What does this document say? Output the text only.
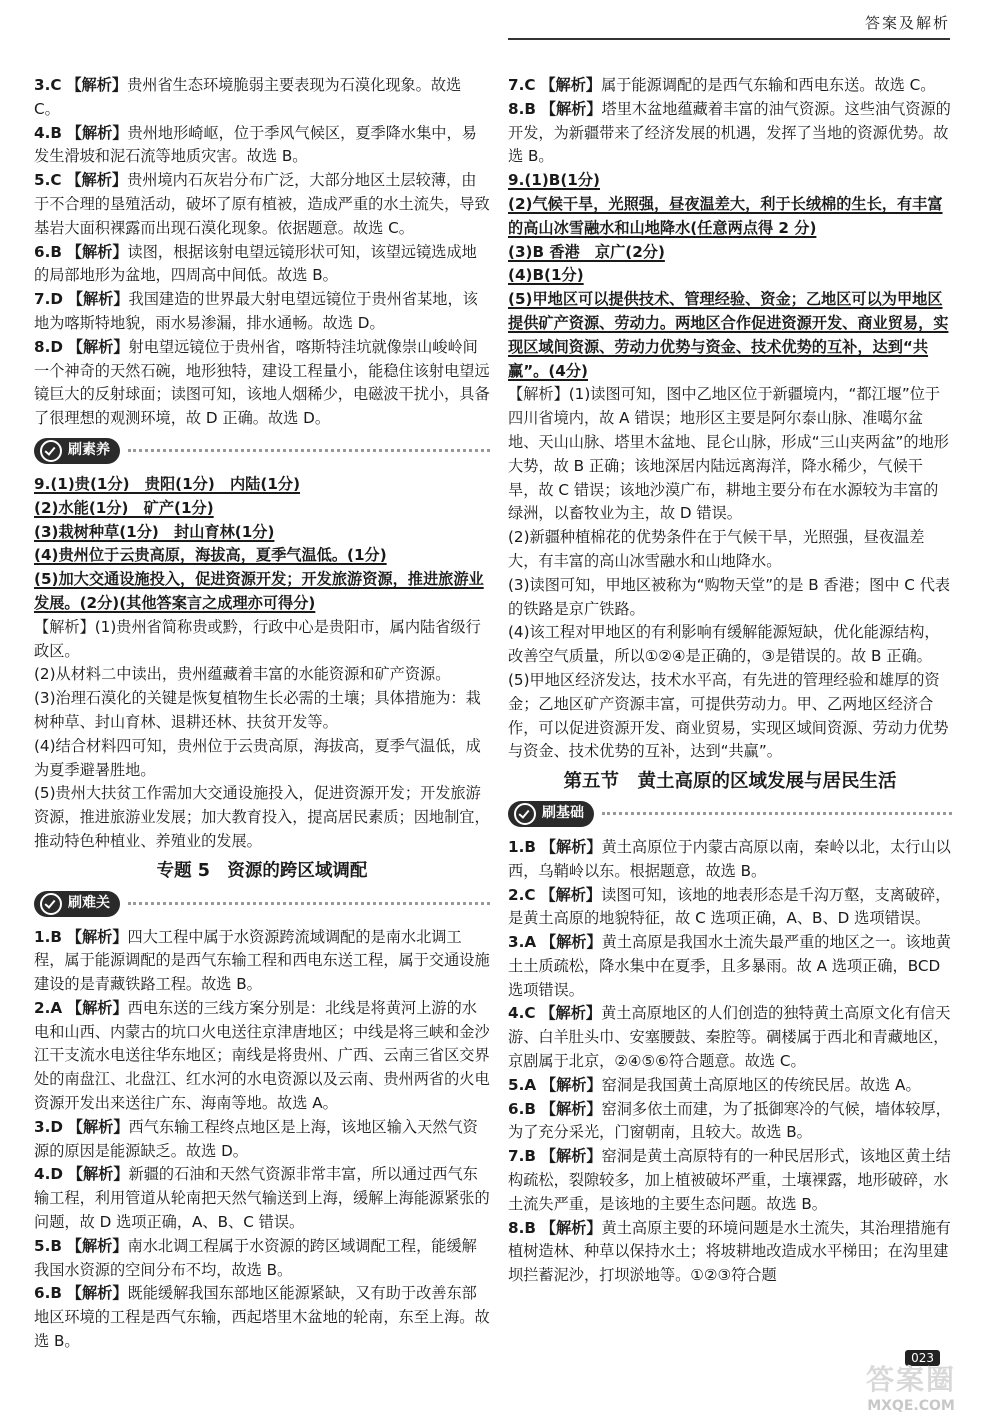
答案及解析

3.C 【解析】贵州省生态环境脆弱主要表现为石漠化现象。故选 C。

4.B 【解析】贵州地形崎岖，位于季风气候区，夏季降水集中，易发生滑坡和泥石流等地质灾害。故选 B。

5.C 【解析】贵州境内石灰岩分布广泛，大部分地区土层较薄，由于不合理的垦殖活动，破坏了原有植被，造成严重的水土流失，导致基岩大面积裸露而出现石漠化现象。依据题意。故选 C。

6.B 【解析】读图，根据该射电望远镜形状可知，该望远镜选成地的局部地形为盆地，四周高中间低。故选 B。

7.D 【解析】我国建造的世界最大射电望远镜位于贵州省某地，该地为喀斯特地貌，雨水易渗漏，排水通畅。故选 D。

8.D 【解析】射电望远镜位于贵州省，喀斯特洼坑就像崇山峻岭间一个神奇的天然石碗，地形独特，建设工程量小，能稳住该射电望远镜巨大的反射球面；读图可知，该地人烟稀少，电磁波干扰小，具备了很理想的观测环境，故 D 正确。故选 D。

刷素养

9.(1)贵(1分)　贵阳(1分)　内陆(1分)

(2)水能(1分)　矿产(1分)

(3)栽树种草(1分)　封山育林(1分)

(4)贵州位于云贵高原，海拔高，夏季气温低。(1分)

(5)加大交通设施投入，促进资源开发；开发旅游资源，推进旅游业发展。(2分)(其他答案言之成理亦可得分)

【解析】(1)贵州省简称贵或黔，行政中心是贵阳市，属内陆省级行政区。

(2)从材料二中读出，贵州蕴藏着丰富的水能资源和矿产资源。

(3)治理石漠化的关键是恢复植物生长必需的土壤；具体措施为：栽树种草、封山育林、退耕还林、扶贫开发等。

(4)结合材料四可知，贵州位于云贵高原，海拔高，夏季气温低，成为夏季避暑胜地。

(5)贵州大扶贫工作需加大交通设施投入，促进资源开发；开发旅游资源，推进旅游业发展；加大教育投入，提高居民素质；因地制宜，推动特色种植业、养殖业的发展。

专题 5　资源的跨区域调配
刷难关

1.B 【解析】四大工程中属于水资源跨流域调配的是南水北调工程，属于能源调配的是西气东输工程和西电东送工程，属于交通设施建设的是青藏铁路工程。故选 B。

2.A 【解析】西电东送的三线方案分别是：北线是将黄河上游的水电和山西、内蒙古的坑口火电送往京津唐地区；中线是将三峡和金沙江干支流水电送往华东地区；南线是将贵州、广西、云南三省区交界处的南盘江、北盘江、红水河的水电资源以及云南、贵州两省的火电资源开发出来送往广东、海南等地。故选 A。

3.D 【解析】西气东输工程终点地区是上海，该地区输入天然气资源的原因是能源缺乏。故选 D。

4.D 【解析】新疆的石油和天然气资源非常丰富，所以通过西气东输工程，利用管道从轮南把天然气输送到上海，缓解上海能源紧张的问题，故 D 选项正确，A、B、C 错误。

5.B 【解析】南水北调工程属于水资源的跨区域调配工程，能缓解我国水资源的空间分布不均，故选 B。

6.B 【解析】既能缓解我国东部地区能源紧缺，又有助于改善东部地区环境的工程是西气东输，西起塔里木盆地的轮南，东至上海。故选 B。

7.C 【解析】属于能源调配的是西气东输和西电东送。故选 C。

8.B 【解析】塔里木盆地蕴藏着丰富的油气资源。这些油气资源的开发，为新疆带来了经济发展的机遇，发挥了当地的资源优势。故选 B。

9.(1)B(1分)

(2)气候干旱，光照强，昼夜温差大，利于长绒棉的生长，有丰富的高山冰雪融水和山地降水(任意两点得 2 分)

(3)B 香港　京广(2分)

(4)B(1分)

(5)甲地区可以提供技术、管理经验、资金；乙地区可以为甲地区提供矿产资源、劳动力。两地区合作促进资源开发、商业贸易，实现区域间资源、劳动力优势与资金、技术优势的互补，达到“共赢”。(4分)

【解析】(1)读图可知，图中乙地区位于新疆境内，“都江堰”位于四川省境内，故 A 错误；地形区主要是阿尔泰山脉、准噶尔盆地、天山山脉、塔里木盆地、昆仑山脉，形成“三山夹两盆”的地形大势，故 B 正确；该地深居内陆远离海洋，降水稀少，气候干旱，故 C 错误；该地沙漠广布，耕地主要分布在水源较为丰富的绿洲，以畜牧业为主，故 D 错误。

(2)新疆种植棉花的优势条件在于气候干旱，光照强，昼夜温差大，有丰富的高山冰雪融水和山地降水。

(3)读图可知，甲地区被称为“购物天堂”的是 B 香港；图中 C 代表的铁路是京广铁路。

(4)该工程对甲地区的有利影响有缓解能源短缺，优化能源结构，改善空气质量，所以①②④是正确的，③是错误的。故 B 正确。

(5)甲地区经济发达，技术水平高，有先进的管理经验和雄厚的资金；乙地区矿产资源丰富，可提供劳动力。甲、乙两地区经济合作，可以促进资源开发、商业贸易，实现区域间资源、劳动力优势与资金、技术优势的互补，达到“共赢”。

第五节　黄土高原的区域发展与居民生活
刷基础

1.B 【解析】黄土高原位于内蒙古高原以南，秦岭以北，太行山以西，乌鞘岭以东。根据题意，故选 B。

2.C 【解析】读图可知，该地的地表形态是千沟万壑，支离破碎，是黄土高原的地貌特征，故 C 选项正确，A、B、D 选项错误。

3.A 【解析】黄土高原是我国水土流失最严重的地区之一。该地黄土土质疏松，降水集中在夏季，且多暴雨。故 A 选项正确，BCD 选项错误。

4.C 【解析】黄土高原地区的人们创造的独特黄土高原文化有信天游、白羊肚头巾、安塞腰鼓、秦腔等。碉楼属于西北和青藏地区，京剧属于北京，②④⑤⑥符合题意。故选 C。

5.A 【解析】窑洞是我国黄土高原地区的传统民居。故选 A。

6.B 【解析】窑洞多依土而建，为了抵御寒冷的气候，墙体较厚，为了充分采光，门窗朝南，且较大。故选 B。

7.B 【解析】窑洞是黄土高原特有的一种民居形式，该地区黄土结构疏松，裂隙较多，加上植被破坏严重，土壤裸露，地形破碎，水土流失严重，是该地的主要生态问题。故选 B。

8.B 【解析】黄土高原主要的环境问题是水土流失，其治理措施有植树造林、种草以保持水土；将坡耕地改造成水平梯田；在沟里建坝拦蓄泥沙，打坝淤地等。①②③符合题

023
答案圈
MXQE.COM
